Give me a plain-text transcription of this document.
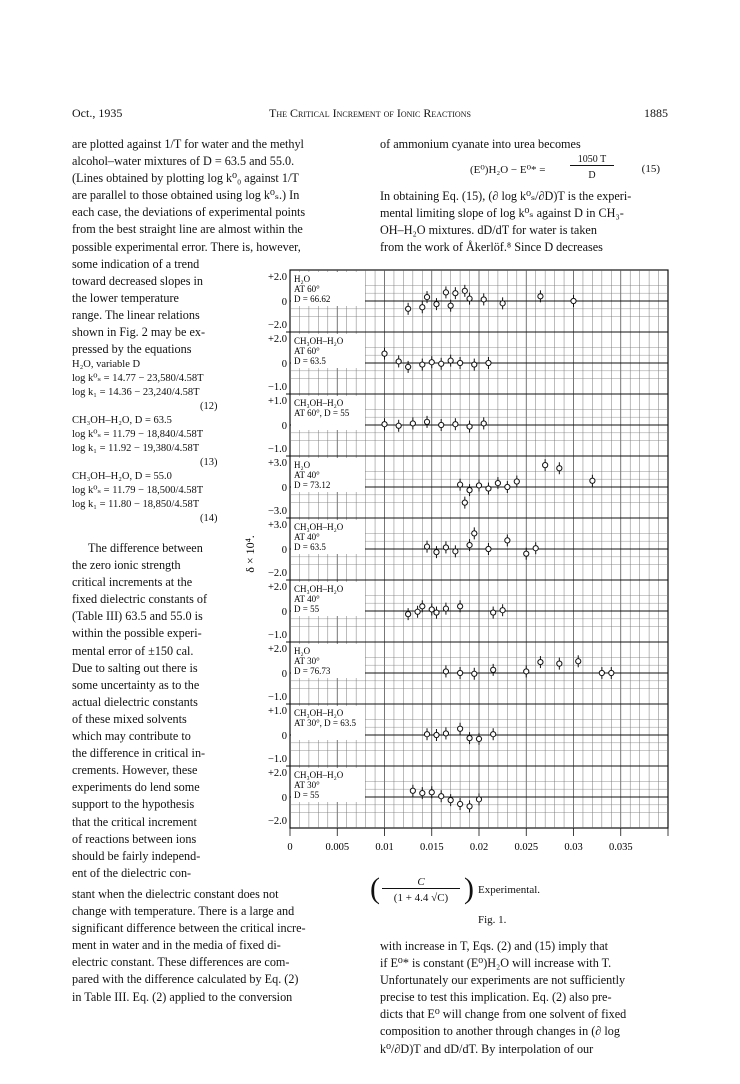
Oct., 1935	The Critical Increment of Ionic Reactions	1885

are plotted against 1/T for water and the methyl

alcohol–water mixtures of D = 63.5 and 55.0.

(Lines obtained by plotting log k⁰₀ against 1/T

are parallel to those obtained using log k⁰ₛ.) In

each case, the deviations of experimental points

from the best straight line are almost within the

possible experimental error. There is, however,

some indication of a trend

toward decreased slopes in

the lower temperature

range. The linear relations

shown in Fig. 2 may be ex-

pressed by the equations

H₂O, variable D
log k⁰ₛ = 14.77 − 23,580/4.58T
log k₁ = 14.36 − 23,240/4.58T
(12)
CH₃OH–H₂O, D = 63.5
log k⁰ₛ = 11.79 − 18,840/4.58T
log k₁ = 11.92 − 19,380/4.58T
(13)
CH₃OH–H₂O, D = 55.0
log k⁰ₛ = 11.79 − 18,500/4.58T
log k₁ = 11.80 − 18,850/4.58T
(14)

The difference between

the zero ionic strength

critical increments at the

fixed dielectric constants of

(Table III) 63.5 and 55.0 is

within the possible experi-

mental error of ±150 cal.

Due to salting out there is

some uncertainty as to the

actual dielectric constants

of these mixed solvents

which may contribute to

the difference in critical in-

crements. However, these

experiments do lend some

support to the hypothesis

that the critical increment

of reactions between ions

should be fairly independ-

ent of the dielectric con-

stant when the dielectric constant does not

change with temperature. There is a large and

significant difference between the critical incre-

ment in water and in the media of fixed di-

electric constant. These differences are com-

pared with the difference calculated by Eq. (2)

in Table III. Eq. (2) applied to the conversion

of ammonium cyanate into urea becomes

(E⁰)H₂O − E⁰* =
1050 T
D
(15)

In obtaining Eq. (15), (∂ log k⁰ₛ/∂D)T is the experi-

mental limiting slope of log k⁰ₛ against D in CH₃-

OH–H₂O mixtures. dD/dT for water is taken

from the work of Åkerlöf.⁸ Since D decreases

δ × 10⁴.
+2.0
0
−2.0
H₂O
AT 60°
D = 66.62
+2.0
0
−1.0
CH₃OH–H₂O
AT 60°
D = 63.5
+1.0
0
−1.0
CH₃OH–H₂O
AT 60°, D = 55
+3.0
0
−3.0
H₂O
AT 40°
D = 73.12
+3.0
0
−2.0
CH₃OH–H₂O
AT 40°
D = 63.5
+2.0
0
−1.0
CH₃OH–H₂O
AT 40°
D = 55
+2.0
0
−1.0
H₂O
AT 30°
D = 76.73
+1.0
0
−1.0
CH₃OH–H₂O
AT 30°, D = 63.5
+2.0
0
−2.0
CH₃OH–H₂O
AT 30°
D = 55
0	0.005	0.01	0.015	0.02	0.025	0.03	0.035
(	C
(1 + 4.4 √C) ) Experimental.
Fig. 1.

with increase in T, Eqs. (2) and (15) imply that

if E⁰* is constant (E⁰)H₂O will increase with T.

Unfortunately our experiments are not sufficiently

precise to test this implication. Eq. (2) also pre-

dicts that E⁰ will change from one solvent of fixed

composition to another through changes in (∂ log

k⁰/∂D)T and dD/dT. By interpolation of our
